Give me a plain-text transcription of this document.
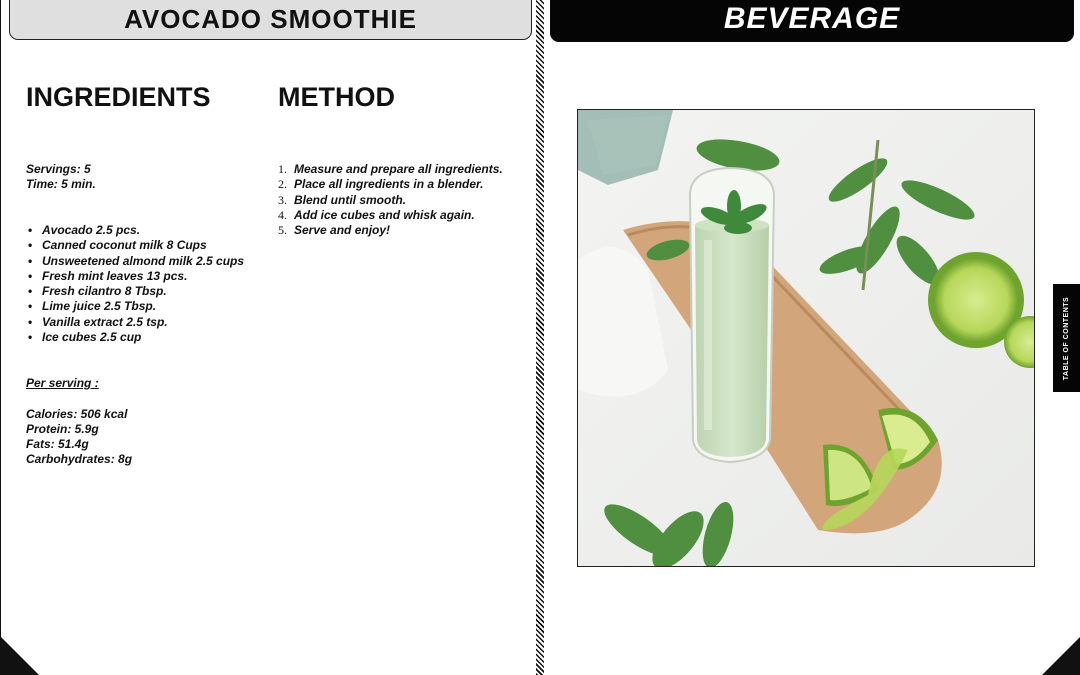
AVOCADO SMOOTHIE
INGREDIENTS METHOD
Servings: 5
Time: 5 min.
• Avocado 2.5 pcs.
• Canned coconut milk 8 Cups
• Unsweetened almond milk 2.5 cups
• Fresh mint leaves 13 pcs.
• Fresh cilantro 8 Tbsp.
• Lime juice 2.5 Tbsp.
• Vanilla extract 2.5 tsp.
• Ice cubes 2.5 cup
1. Measure and prepare all ingredients.
2. Place all ingredients in a blender.
3. Blend until smooth.
4. Add ice cubes and whisk again.
5. Serve and enjoy!
Per serving :
Calories: 506 kcal
Protein: 5.9g
Fats: 51.4g
Carbohydrates: 8g
BEVERAGE
TABLE OF CONTENTS
